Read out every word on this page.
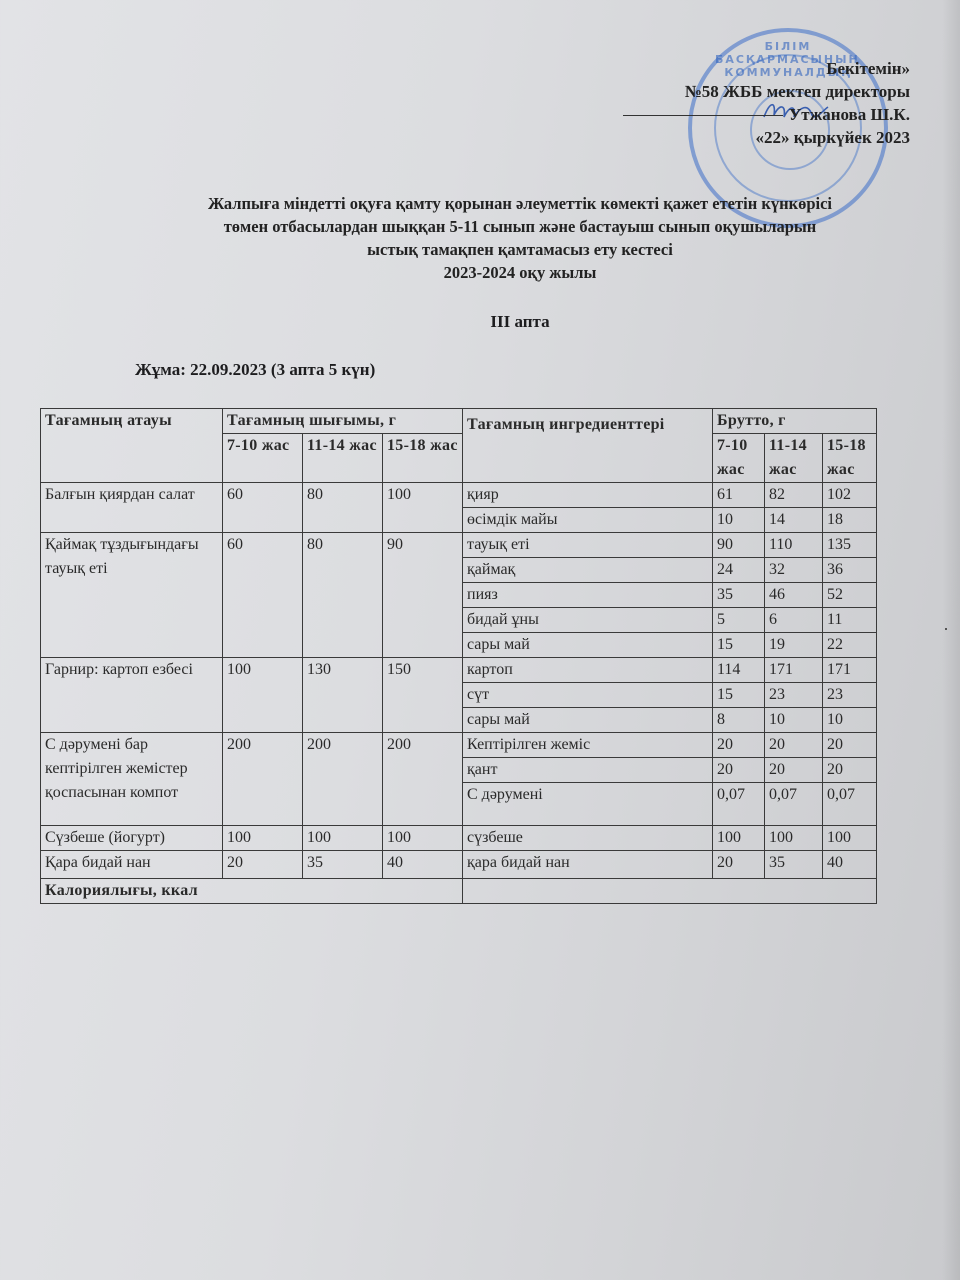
БІЛІМ БАСҚАРМАСЫНЫҢ КОММУНАЛДЫҚ
Бекітемін»
№58 ЖББ мектеп директоры
Утжанова Ш.К.
«22» қыркүйек 2023
Жалпыға міндетті оқуға қамту қорынан әлеуметтік көмекті қажет ететін күнкөрісі
төмен отбасылардан шыққан 5-11 сынып және бастауыш сынып оқушыларын
ыстық тамақпен қамтамасыз ету кестесі
2023-2024 оқу жылы
ІІІ апта
Жұма: 22.09.2023 (3 апта 5 күн)
Тағамның атауы	Тағамның шығымы, г			Тағамның ингредиенттері	Брутто, г		
	7-10 жас	11-14 жас	15-18 жас		7-10 жас	11-14 жас	15-18 жас
Балғын қиярдан салат	60	80	100	қияр	61	82	102
				өсімдік майы	10	14	18
Қаймақ тұздығындағы тауық еті	60	80	90	тауық еті	90	110	135
				қаймақ	24	32	36
				пияз	35	46	52
				бидай ұны	5	6	11
				сары май	15	19	22
Гарнир: картоп езбесі	100	130	150	картоп	114	171	171
				сүт	15	23	23
				сары май	8	10	10
С дәрумені бар кептірілген жемістер қоспасынан компот	200	200	200	Кептірілген жеміс	20	20	20
				қант	20	20	20
				С дәрумені	0,07	0,07	0,07
Сүзбеше (йогурт)	100	100	100	сүзбеше	100	100	100
Қара бидай нан	20	35	40	қара бидай нан	20	35	40
Калориялығы, ккал							
